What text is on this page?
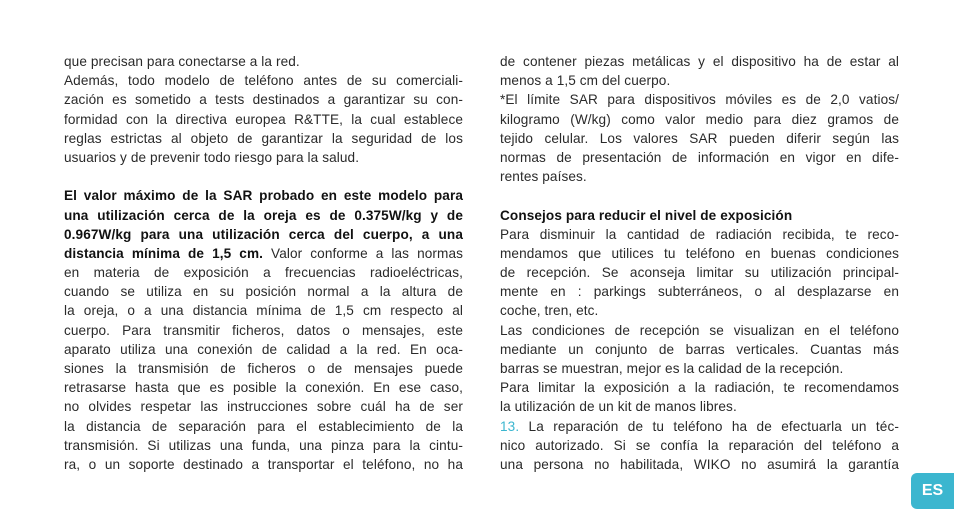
que precisan para conectarse a la red.
Además, todo modelo de teléfono antes de su comerciali-
zación es sometido a tests destinados a garantizar su con-
formidad con la directiva europea R&TTE, la cual establece
reglas estrictas al objeto de garantizar la seguridad de los
usuarios y de prevenir todo riesgo para la salud.
El valor máximo de la SAR probado en este modelo para
una utilización cerca de la oreja es de 0.375W/kg y de
0.967W/kg para una utilización cerca del cuerpo, a una
distancia mínima de 1,5 cm. Valor conforme a las normas
en materia de exposición a frecuencias radioeléctricas,
cuando se utiliza en su posición normal a la altura de
la oreja, o a una distancia mínima de 1,5 cm respecto al
cuerpo. Para transmitir ficheros, datos o mensajes, este
aparato utiliza una conexión de calidad a la red. En oca-
siones la transmisión de ficheros o de mensajes puede
retrasarse hasta que es posible la conexión. En ese caso,
no olvides respetar las instrucciones sobre cuál ha de ser
la distancia de separación para el establecimiento de la
transmisión. Si utilizas una funda, una pinza para la cintu-
ra, o un soporte destinado a transportar el teléfono, no ha
de contener piezas metálicas y el dispositivo ha de estar al
menos a 1,5 cm del cuerpo.
*El límite SAR para dispositivos móviles es de 2,0 vatios/
kilogramo (W/kg) como valor medio para diez gramos de
tejido celular. Los valores SAR pueden diferir según las
normas de presentación de información en vigor en dife-
rentes países.
Consejos para reducir el nivel de exposición
Para disminuir la cantidad de radiación recibida, te reco-
mendamos que utilices tu teléfono en buenas condiciones
de recepción. Se aconseja limitar su utilización principal-
mente en : parkings subterráneos, o al desplazarse en
coche, tren, etc.
Las condiciones de recepción se visualizan en el teléfono
mediante un conjunto de barras verticales. Cuantas más
barras se muestran, mejor es la calidad de la recepción.
Para limitar la exposición a la radiación, te recomendamos
la utilización de un kit de manos libres.
13. La reparación de tu teléfono ha de efectuarla un téc-
nico autorizado. Si se confía la reparación del teléfono a
una persona no habilitada, WIKO no asumirá la garantía
ES
